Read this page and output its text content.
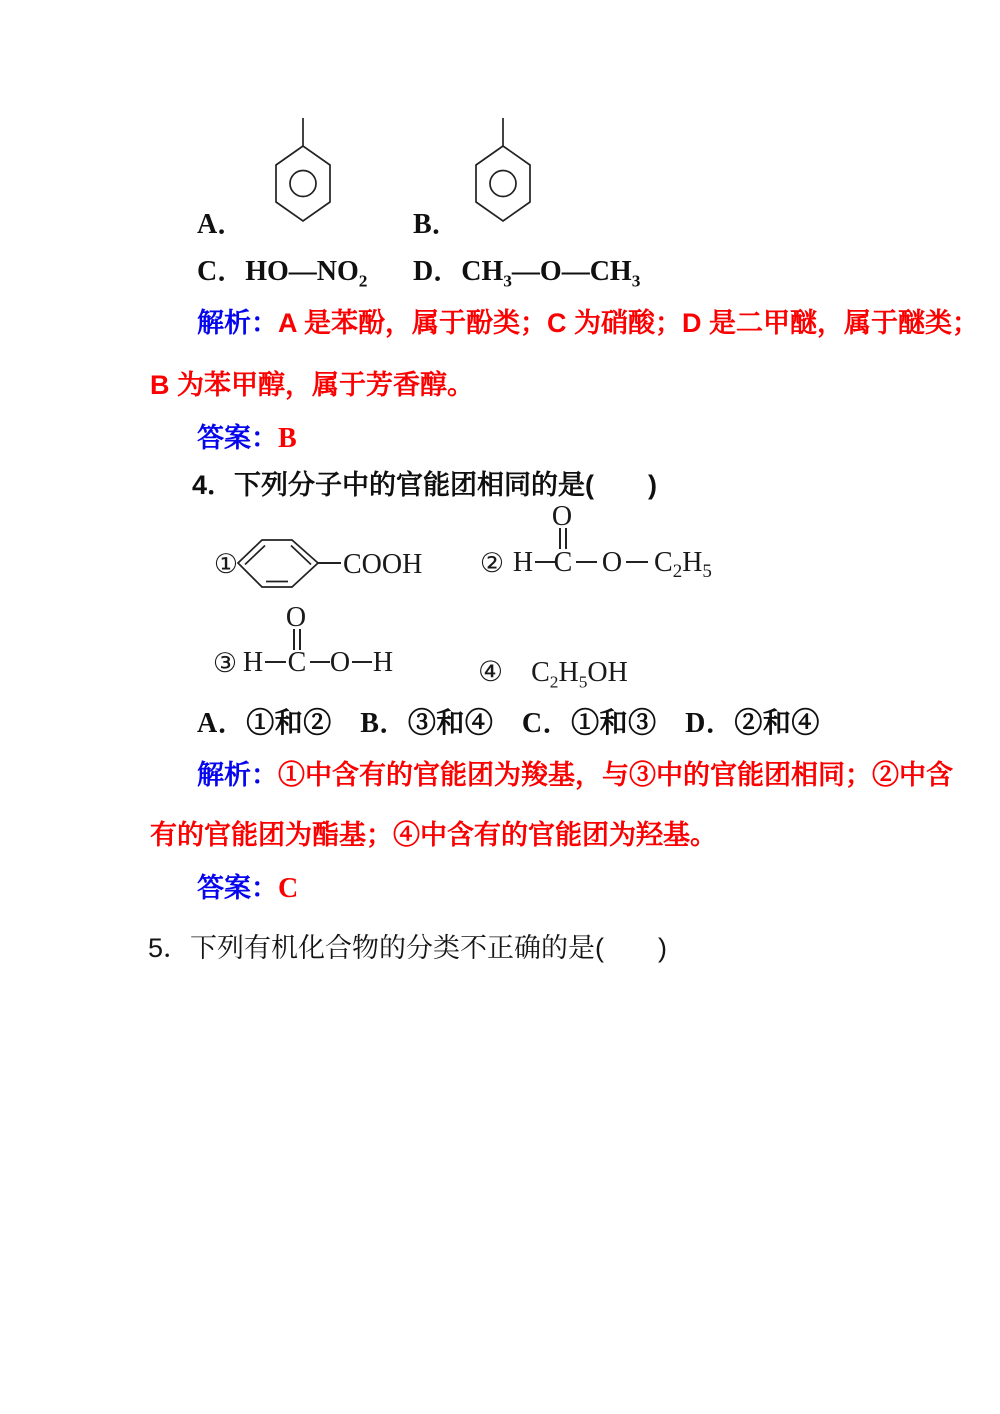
A．	B．
C．$HO—NO_2$ D．$CH_3—O—CH_3$
解析：A 是苯酚，属于酚类；C 为硝酸；D 是二甲醚，属于醚类；
B 为苯甲醇，属于芳香醇。
答案：B
4．下列分子中的官能团相同的是(　　)
①	COOH ② H C
O
O $C_2H_5$
③ H C
O
O H	④　$C_2H_5OH$
A．①和②　B．③和④　C．①和③　D．②和④
解析：①中含有的官能团为羧基，与③中的官能团相同；②中含
有的官能团为酯基；④中含有的官能团为羟基。
答案：C
5．下列有机化合物的分类不正确的是(　　)
